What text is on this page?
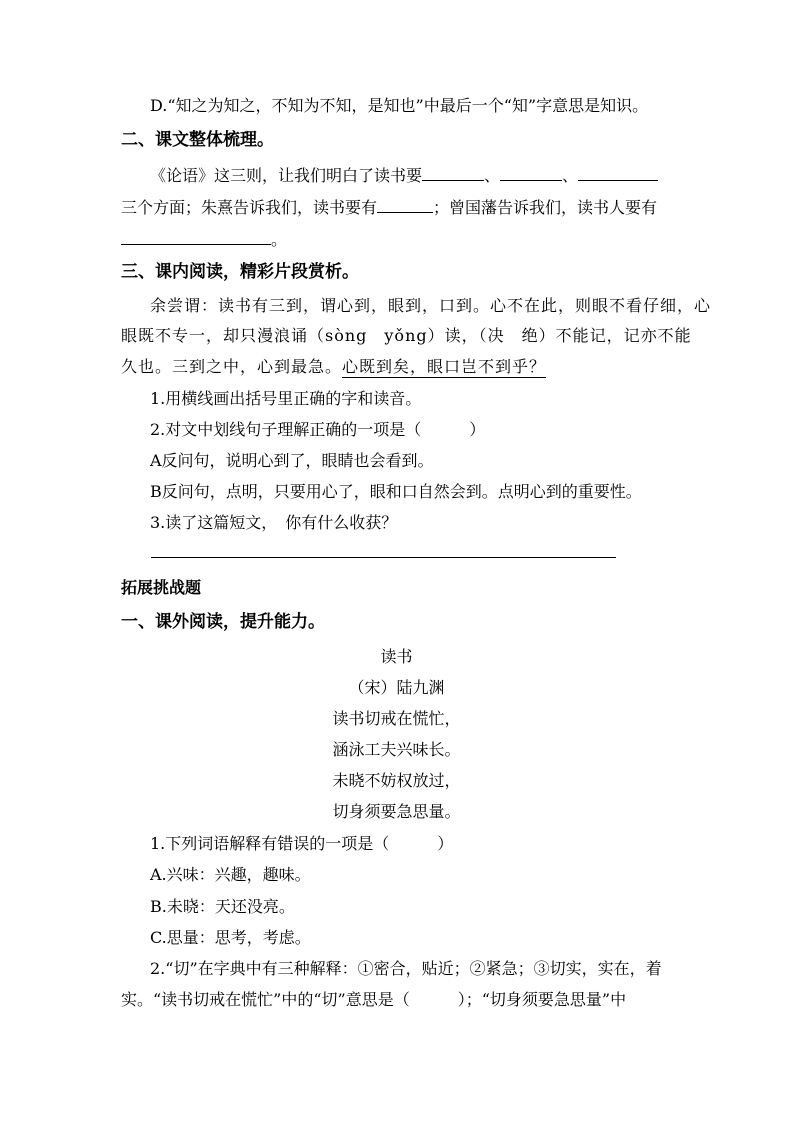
D.“知之为知之，不知为不知，是知也”中最后一个“知”字意思是知识。
二、课文整体梳理。
《论语》这三则，让我们明白了读书要	、	、
三个方面；朱熹告诉我们，读书要有	；曾国藩告诉我们，读书人要有
。
三、课内阅读，精彩片段赏析。
余尝谓：读书有三到，谓心到，眼到，口到。心不在此，则眼不看仔细，心
眼既不专一，却只漫浪诵（sòng　yǒng）读，（决　绝）不能记，记亦不能
久也。三到之中，心到最急。心既到矣，眼口岂不到乎？
1.用横线画出括号里正确的字和读音。
2.对文中划线句子理解正确的一项是（　　　）
A反问句，说明心到了，眼睛也会看到。
B反问句，点明，只要用心了，眼和口自然会到。点明心到的重要性。
3.读了这篇短文，　你有什么收获？
拓展挑战题
一、课外阅读，提升能力。
读书
（宋）陆九渊
读书切戒在慌忙，
涵泳工夫兴味长。
未晓不妨权放过，
切身须要急思量。
1.下列词语解释有错误的一项是（　　　）
A.兴味：兴趣，趣味。
B.未晓：天还没亮。
C.思量：思考，考虑。
2.“切”在字典中有三种解释：①密合，贴近；②紧急；③切实，实在，着
实。“读书切戒在慌忙”中的“切”意思是（　　　）；“切身须要急思量”中
